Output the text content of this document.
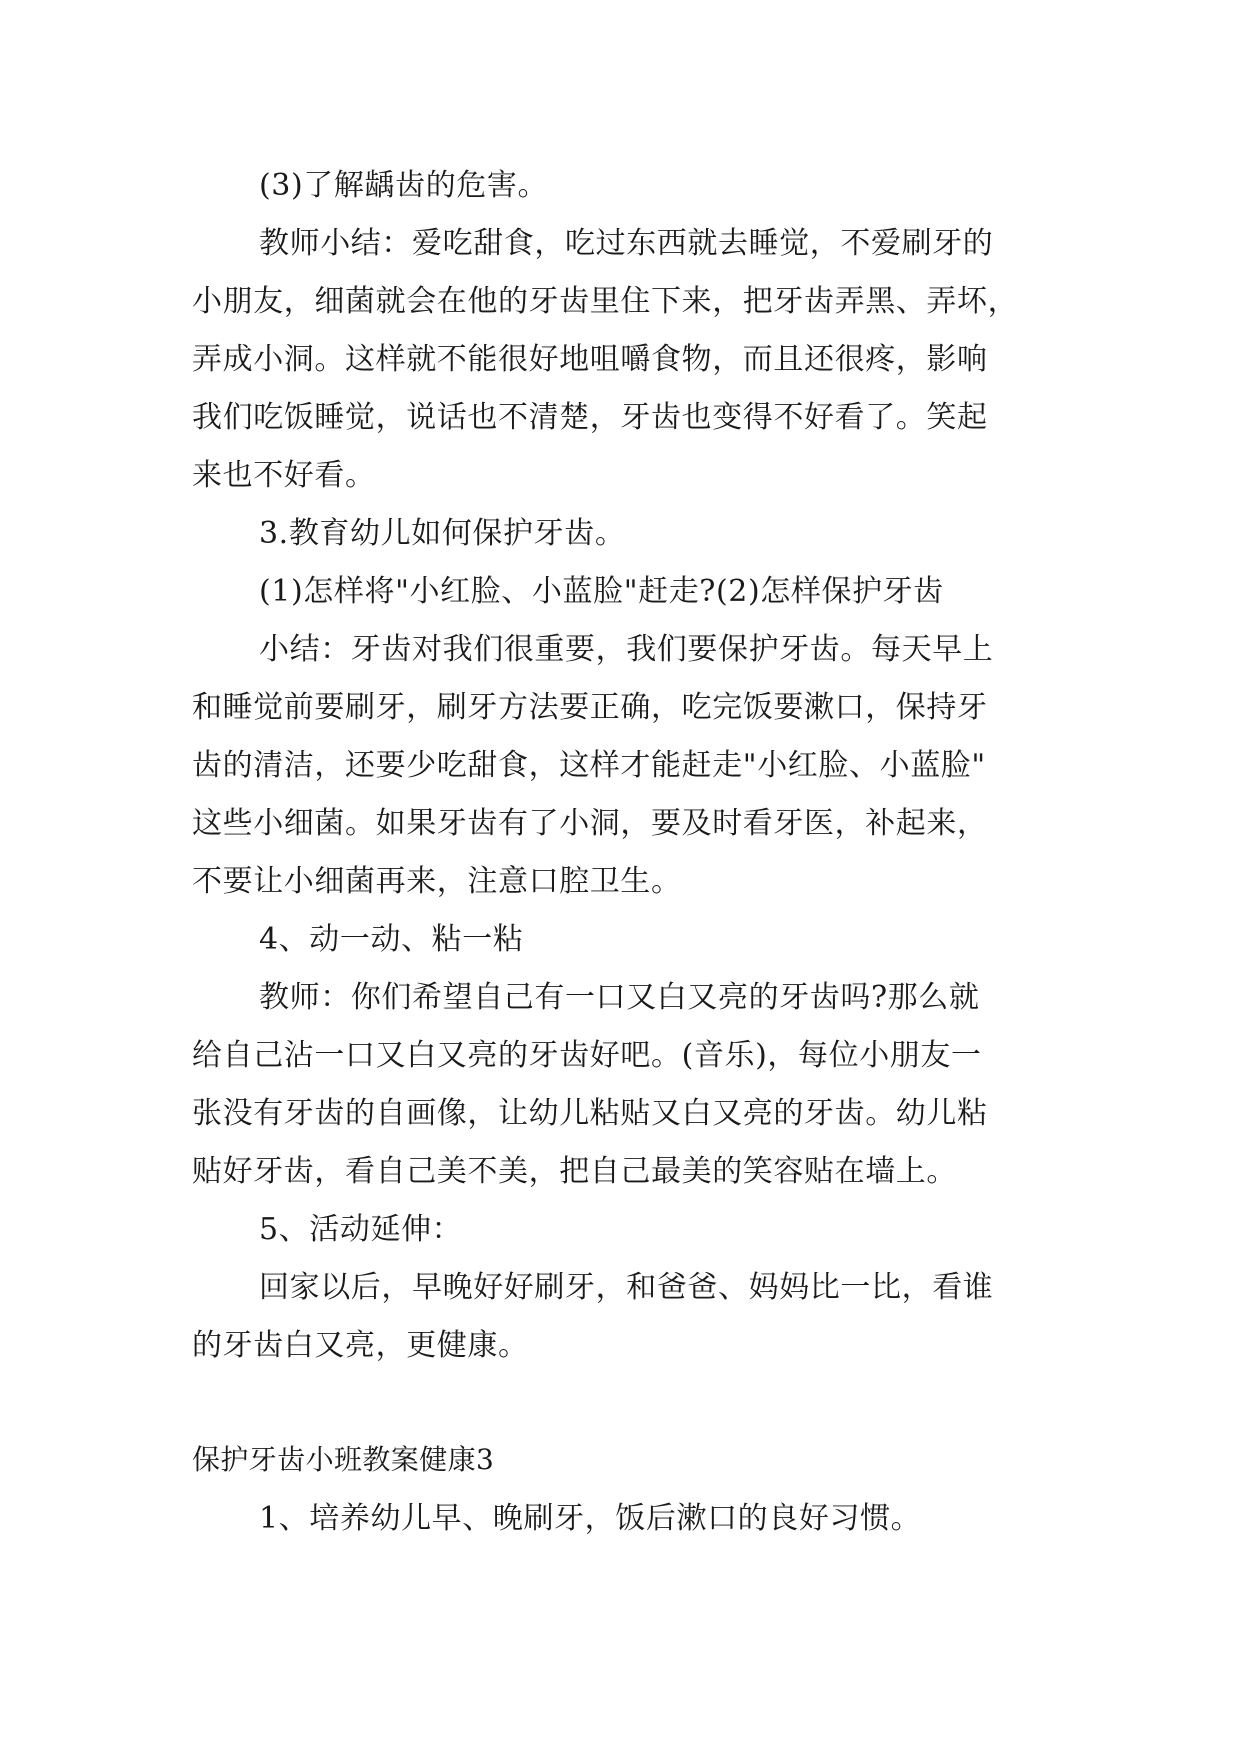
(3)了解龋齿的危害。
教师小结：爱吃甜食，吃过东西就去睡觉，不爱刷牙的
小朋友，细菌就会在他的牙齿里住下来，把牙齿弄黑、弄坏，
弄成小洞。这样就不能很好地咀嚼食物，而且还很疼，影响
我们吃饭睡觉，说话也不清楚，牙齿也变得不好看了。笑起
来也不好看。
3.教育幼儿如何保护牙齿。
(1)怎样将"小红脸、小蓝脸"赶走?(2)怎样保护牙齿
小结：牙齿对我们很重要，我们要保护牙齿。每天早上
和睡觉前要刷牙，刷牙方法要正确，吃完饭要漱口，保持牙
齿的清洁，还要少吃甜食，这样才能赶走"小红脸、小蓝脸"
这些小细菌。如果牙齿有了小洞，要及时看牙医，补起来，
不要让小细菌再来，注意口腔卫生。
4、动一动、粘一粘
教师：你们希望自己有一口又白又亮的牙齿吗?那么就
给自己沾一口又白又亮的牙齿好吧。(音乐)，每位小朋友一
张没有牙齿的自画像，让幼儿粘贴又白又亮的牙齿。幼儿粘
贴好牙齿，看自己美不美，把自己最美的笑容贴在墙上。
5、活动延伸：
回家以后，早晚好好刷牙，和爸爸、妈妈比一比，看谁
的牙齿白又亮，更健康。
保护牙齿小班教案健康3
1、培养幼儿早、晚刷牙，饭后漱口的良好习惯。
